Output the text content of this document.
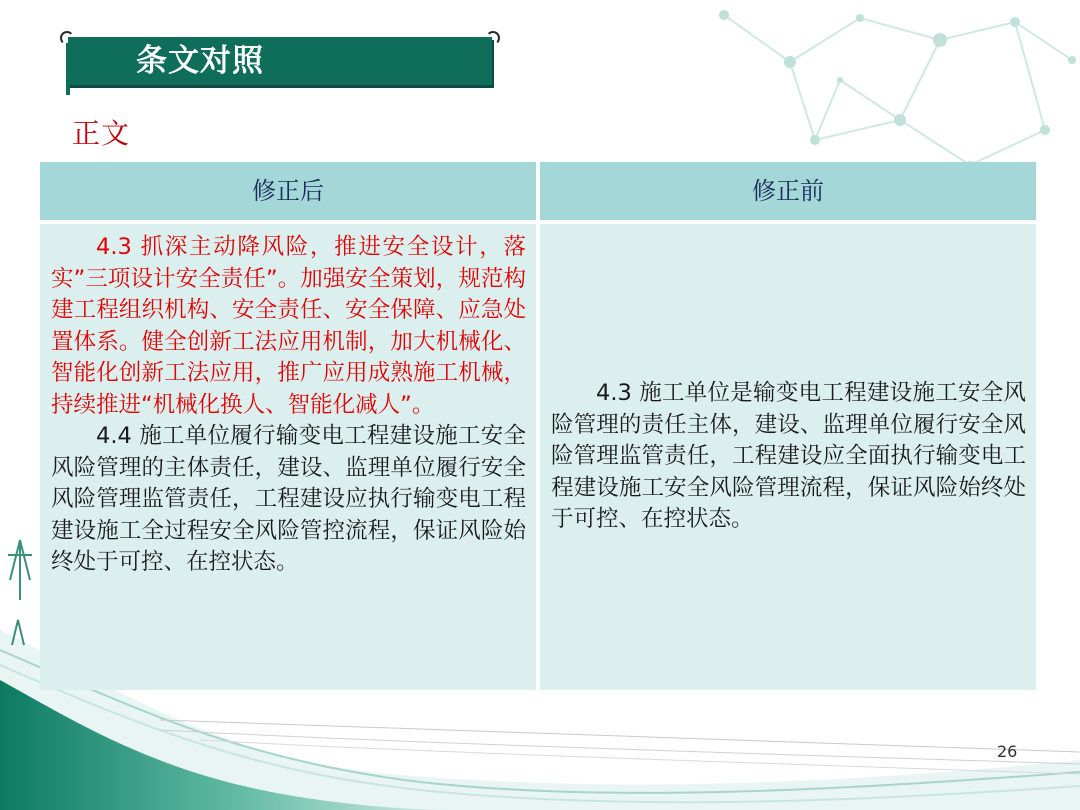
条文对照
正文
修正后	修正前

4.3 抓深主动降风险，推进安全设计，落实”三项设计安全责任”。加强安全策划，规范构建工程组织机构、安全责任、安全保障、应急处置体系。健全创新工法应用机制，加大机械化、智能化创新工法应用，推广应用成熟施工机械，持续推进“机械化换人、智能化减人”。

4.4 施工单位履行输变电工程建设施工安全风险管理的主体责任，建设、监理单位履行安全风险管理监管责任，工程建设应执行输变电工程建设施工全过程安全风险管控流程，保证风险始终处于可控、在控状态。

4.3 施工单位是输变电工程建设施工安全风险管理的责任主体，建设、监理单位履行安全风险管理监管责任，工程建设应全面执行输变电工程建设施工安全风险管理流程，保证风险始终处于可控、在控状态。

26
